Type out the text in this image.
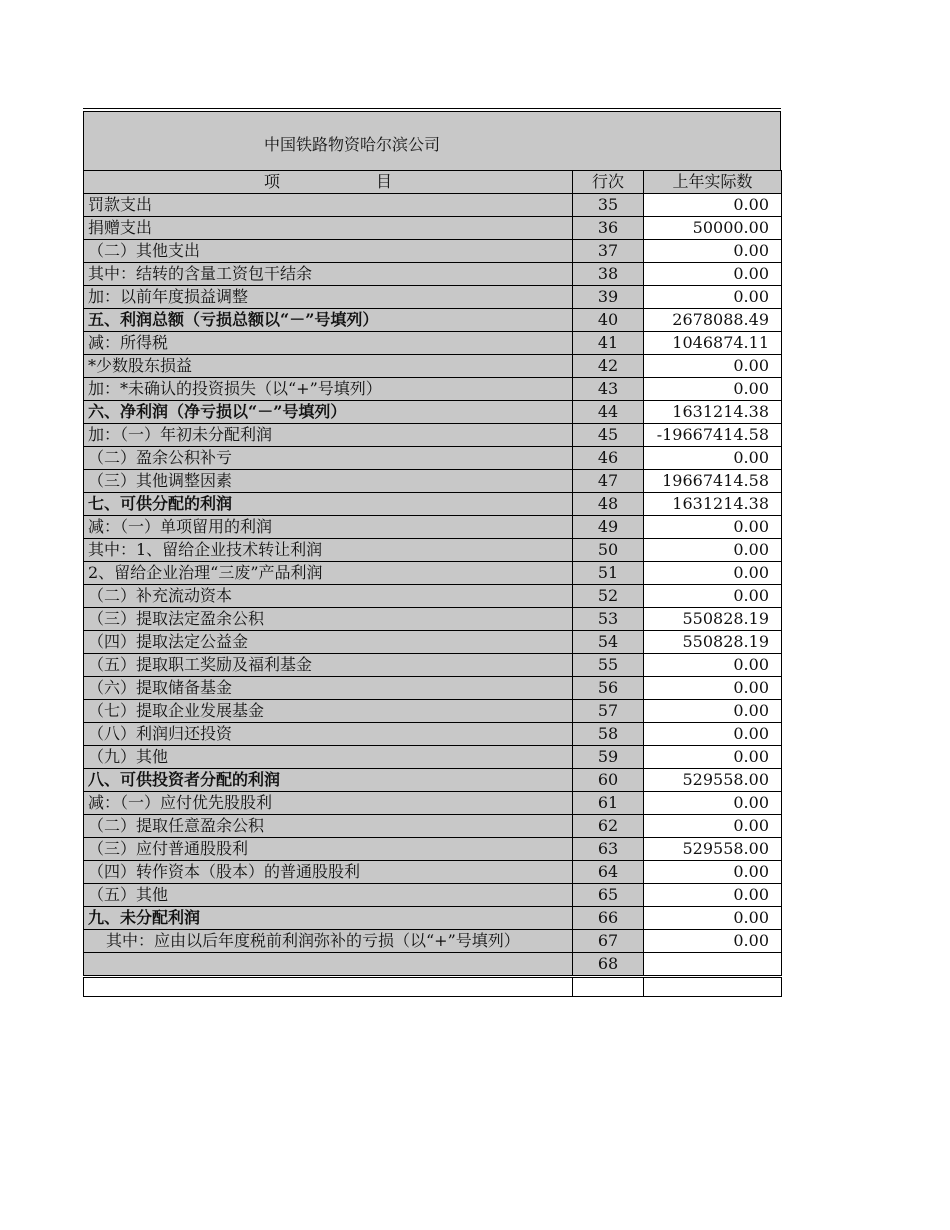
中国铁路物资哈尔滨公司
项　　　　　　目	行次	上年实际数
罚款支出	35	0.00
捐赠支出	36	50000.00
（二）其他支出	37	0.00
其中：结转的含量工资包干结余	38	0.00
加：以前年度损益调整	39	0.00
五、利润总额（亏损总额以“－”号填列）	40	2678088.49
减：所得税	41	1046874.11
*少数股东损益	42	0.00
加：*未确认的投资损失（以“+”号填列）	43	0.00
六、净利润（净亏损以“－”号填列）	44	1631214.38
加：（一）年初未分配利润	45	-19667414.58
（二）盈余公积补亏	46	0.00
（三）其他调整因素	47	19667414.58
七、可供分配的利润	48	1631214.38
减：（一）单项留用的利润	49	0.00
其中：1、留给企业技术转让利润	50	0.00
2、留给企业治理“三废”产品利润	51	0.00
（二）补充流动资本	52	0.00
（三）提取法定盈余公积	53	550828.19
（四）提取法定公益金	54	550828.19
（五）提取职工奖励及福利基金	55	0.00
（六）提取储备基金	56	0.00
（七）提取企业发展基金	57	0.00
（八）利润归还投资	58	0.00
（九）其他	59	0.00
八、可供投资者分配的利润	60	529558.00
减：（一）应付优先股股利	61	0.00
（二）提取任意盈余公积	62	0.00
（三）应付普通股股利	63	529558.00
（四）转作资本（股本）的普通股股利	64	0.00
（五）其他	65	0.00
九、未分配利润	66	0.00
其中：应由以后年度税前利润弥补的亏损（以“+”号填列）	67	0.00
	68	
